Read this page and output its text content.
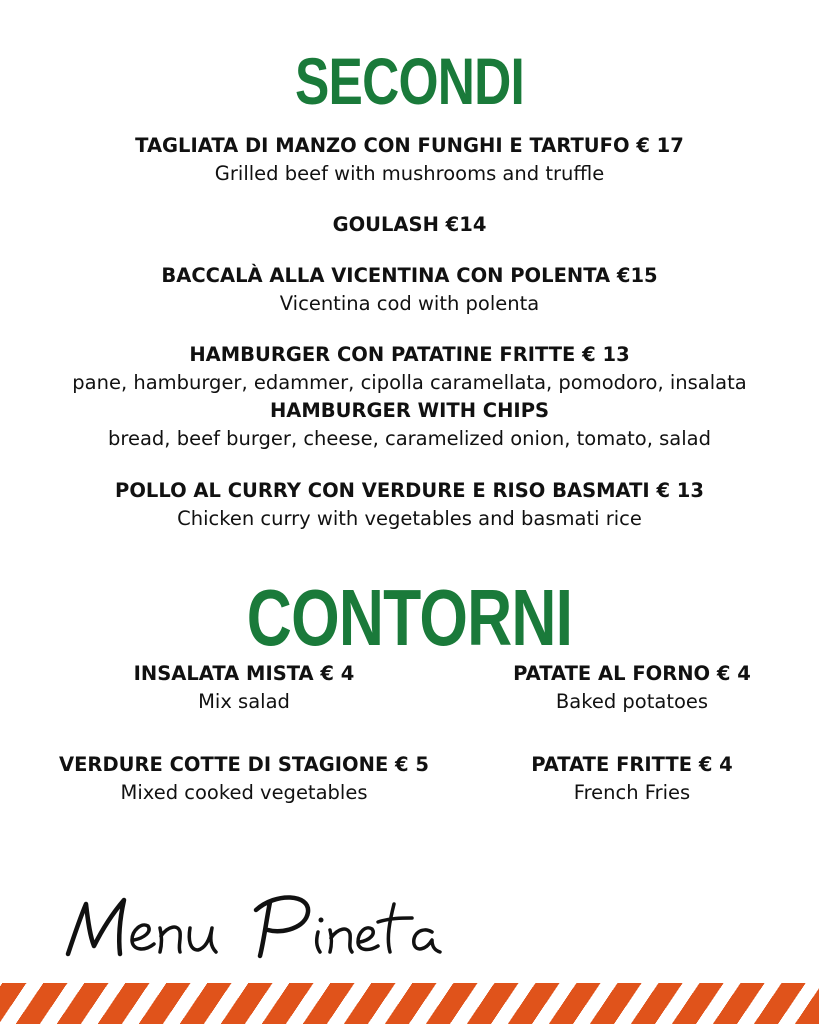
SECONDI
TAGLIATA DI MANZO CON FUNGHI E TARTUFO € 17
Grilled beef with mushrooms and truffle
GOULASH €14
BACCALÀ ALLA VICENTINA CON POLENTA €15
Vicentina cod with polenta
HAMBURGER CON PATATINE FRITTE € 13
pane, hamburger, edammer, cipolla caramellata, pomodoro, insalata
HAMBURGER WITH CHIPS
bread, beef burger, cheese, caramelized onion, tomato, salad
POLLO AL CURRY CON VERDURE E RISO BASMATI € 13
Chicken curry with vegetables and basmati rice
CONTORNI
INSALATA MISTA € 4
Mix salad
PATATE AL FORNO € 4
Baked potatoes
VERDURE COTTE DI STAGIONE € 5
Mixed cooked vegetables
PATATE FRITTE € 4
French Fries
